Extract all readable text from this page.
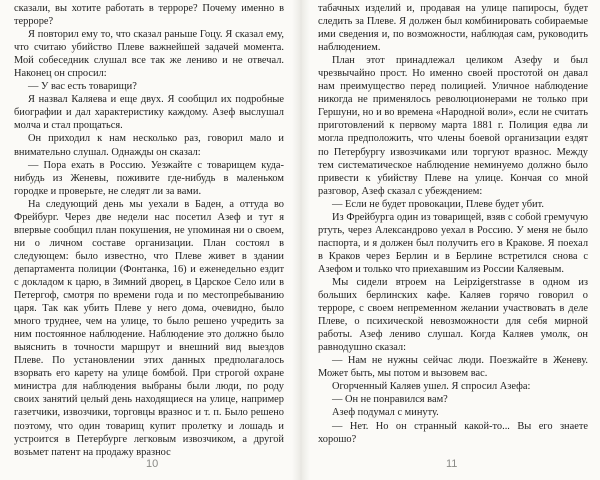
сказали, вы хотите работать в терроре? Почему именно в терроре?

Я повторил ему то, что сказал раньше Гоцу. Я сказал ему, что считаю убийство Плеве важнейшей задачей момента. Мой собеседник слушал все так же лениво и не отвечал. Наконец он спросил:

— У вас есть товарищи?

Я назвал Каляева и еще двух. Я сообщил их подробные биографии и дал характеристику каждому. Азеф выслушал молча и стал прощаться.

Он приходил к нам несколько раз, говорил мало и внимательно слушал. Однажды он сказал:

— Пора ехать в Россию. Уезжайте с товарищем куда-нибудь из Женевы, поживите где-нибудь в маленьком городке и проверьте, не следят ли за вами.

На следующий день мы уехали в Баден, а оттуда во Фрейбург. Через две недели нас посетил Азеф и тут я впервые сообщил план покушения, не упоминая ни о своем, ни о личном составе организации. План состоял в следующем: было известно, что Плеве живет в здании департамента полиции (Фонтанка, 16) и еженедельно ездит с докладом к царю, в Зимний дворец, в Царское Село или в Петергоф, смотря по времени года и по местопребыванию царя. Так как убить Плеве у него дома, очевидно, было много труднее, чем на улице, то было решено учредить за ним постоянное наблюдение. Наблюдение это должно было выяснить в точности маршрут и внешний вид выездов Плеве. По установлении этих данных предполагалось взорвать его карету на улице бомбой. При строгой охране министра для наблюдения выбраны были люди, по роду своих занятий целый день находящиеся на улице, например газетчики, извозчики, торговцы вразнос и т. п. Было решено поэтому, что один товарищ купит пролетку и лошадь и устроится в Петербурге легковым извозчиком, а другой возьмет патент на продажу вразнос

табачных изделий и, продавая на улице папиросы, будет следить за Плеве. Я должен был комбинировать собираемые ими сведения и, по возможности, наблюдая сам, руководить наблюдением.

План этот принадлежал целиком Азефу и был чрезвычайно прост. Но именно своей простотой он давал нам преимущество перед полицией. Уличное наблюдение никогда не применялось революционерами не только при Гершуни, но и во времена «Народной воли», если не считать приготовлений к первому марта 1881 г. Полиция едва ли могла предположить, что члены боевой организации ездят по Петербургу извозчиками или торгуют вразнос. Между тем систематическое наблюдение неминуемо должно было привести к убийству Плеве на улице. Кончая со мной разговор, Азеф сказал с убеждением:

— Если не будет провокации, Плеве будет убит.

Из Фрейбурга один из товарищей, взяв с собой гремучую ртуть, через Александрово уехал в Россию. У меня не было паспорта, и я должен был получить его в Кракове. Я поехал в Краков через Берлин и в Берлине встретился снова с Азефом и только что приехавшим из России Каляевым.

Мы сидели втроем на Leipzigerstrasse в одном из больших берлинских кафе. Каляев горячо говорил о терроре, с своем непременном желании участвовать в деле Плеве, о психической невозможности для себя мирной работы. Азеф лениво слушал. Когда Каляев умолк, он равнодушно сказал:

— Нам не нужны сейчас люди. Поезжайте в Женеву. Может быть, мы потом и вызовем вас.

Огорченный Каляев ушел. Я спросил Азефа:

— Он не понравился вам?

Азеф подумал с минуту.

— Нет. Но он странный какой-то... Вы его знаете хорошо?

10	11
